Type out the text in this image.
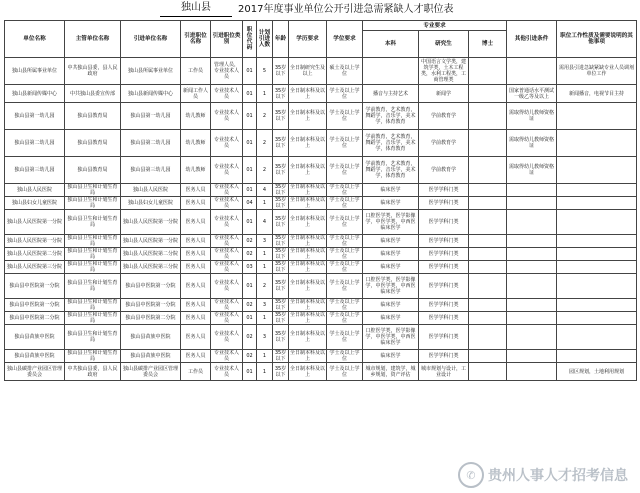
独山县	2017年度事业单位公开引进急需紧缺人才职位表
单位名称	主管单位名称	引进单位名称	引进职位名称	引进职位类别	职位代码	计划引进人数	年龄	学历要求	学位要求	专业要求			其他引进条件	职位工作性质及需要说明的其他事项
										本科	研究生	博士		
独山县所属事业单位	中共独山县委，县人民政府	独山县所属事业单位	工作员	管理人员，专业技术人员	01	5	35岁以下	全日制研究生及以上	硕士及以上学位		中国语言文学类，建筑学类，土木工程类，水利工程类，工商管理类			需用县引进急缺紧缺专业人员调剂单位工作
独山县新闻传媒中心	中共独山县委宣传部	独山县新闻传媒中心	新闻工作人员	专业技术人员	01	1	35岁以下	全日制本科及以上	学士及以上学位	播音与主持艺术	新闻学		国家普通话水平测试一级乙等及以上	新闻播音，电视节目主持
独山县第一幼儿园	独山县教育局	独山县第一幼儿园	幼儿教师	专业技术人员	01	2	35岁以下	全日制本科及以上	学士及以上学位	学前教育，艺术教育，舞蹈学，音乐学，美术学，体育教育	学前教育学		需取得幼儿教师资格证	
独山县第二幼儿园	独山县教育局	独山县第二幼儿园	幼儿教师	专业技术人员	01	2	35岁以下	全日制本科及以上	学士及以上学位	学前教育，艺术教育，舞蹈学，音乐学，美术学，体育教育	学前教育学		需取得幼儿教师资格证	
独山县第三幼儿园	独山县教育局	独山县第三幼儿园	幼儿教师	专业技术人员	01	2	35岁以下	全日制本科及以上	学士及以上学位	学前教育，艺术教育，舞蹈学，音乐学，美术学，体育教育	学前教育学		需取得幼儿教师资格证	
独山县人民医院	独山县卫生和计划生育局	独山县人民医院	医务人员	专业技术人员	01	4	35岁以下	全日制本科及以上	学士及以上学位	临床医学	医学学科门类			
独山县妇女儿童医院	独山县卫生和计划生育局	独山县妇女儿童医院	医务人员	专业技术人员	04	1	35岁以下	全日制本科及以上	学士及以上学位	临床医学	医学学科门类			
独山县人民医院第一分院	独山县卫生和计划生育局	独山县人民医院第一分院	医务人员	专业技术人员	01	4	35岁以下	全日制本科及以上	学士及以上学位	口腔医学类，医学影像学，中医学类，中西医临床医学	医学学科门类			
独山县人民医院第一分院	独山县卫生和计划生育局	独山县人民医院第一分院	医务人员	专业技术人员	02	3	35岁以下	全日制本科及以上	学士及以上学位	临床医学	医学学科门类			
独山县人民医院第二分院	独山县卫生和计划生育局	独山县人民医院第二分院	医务人员	专业技术人员	02	1	35岁以下	全日制本科及以上	学士及以上学位	临床医学	医学学科门类			
独山县人民医院第三分院	独山县卫生和计划生育局	独山县人民医院第三分院	医务人员	专业技术人员	03	1	35岁以下	全日制本科及以上	学士及以上学位	临床医学	医学学科门类			
独山县中医院第一分院	独山县卫生和计划生育局	独山县中医院第一分院	医务人员	专业技术人员	01	2	35岁以下	全日制本科及以上	学士及以上学位	口腔医学类，医学影像学，中医学类，中西医临床医学	医学学科门类			
独山县中医院第一分院	独山县卫生和计划生育局	独山县中医院第一分院	医务人员	专业技术人员	02	3	35岁以下	全日制本科及以上	学士及以上学位	临床医学	医学学科门类			
独山县中医院第二分院	独山县卫生和计划生育局	独山县中医院第二分院	医务人员	专业技术人员	01	1	35岁以下	全日制本科及以上	学士及以上学位	临床医学	医学学科门类			
独山县苗族中医院	独山县卫生和计划生育局	独山县苗族中医院	医务人员	专业技术人员	02	3	35岁以下	全日制本科及以上	学士及以上学位	口腔医学类，医学影像学，中医学类，中西医临床医学	医学学科门类			
独山县苗族中医院	独山县卫生和计划生育局	独山县苗族中医院	医务人员	专业技术人员	02	1	35岁以下	全日制本科及以上	学士及以上学位	临床医学	医学学科门类			
独山县碳排产业园区管理委员会	中共独山县委，县人民政府	独山县碳排产业园区管理委员会	工作员	专业技术人员	01	1	35岁以下	全日制本科及以上	学士及以上学位	城市规划，建筑学，城乡规划，资产评估	城市规划与设计，工业设计			园区规划，土地利用规划
✆ 贵州人事人才招考信息
